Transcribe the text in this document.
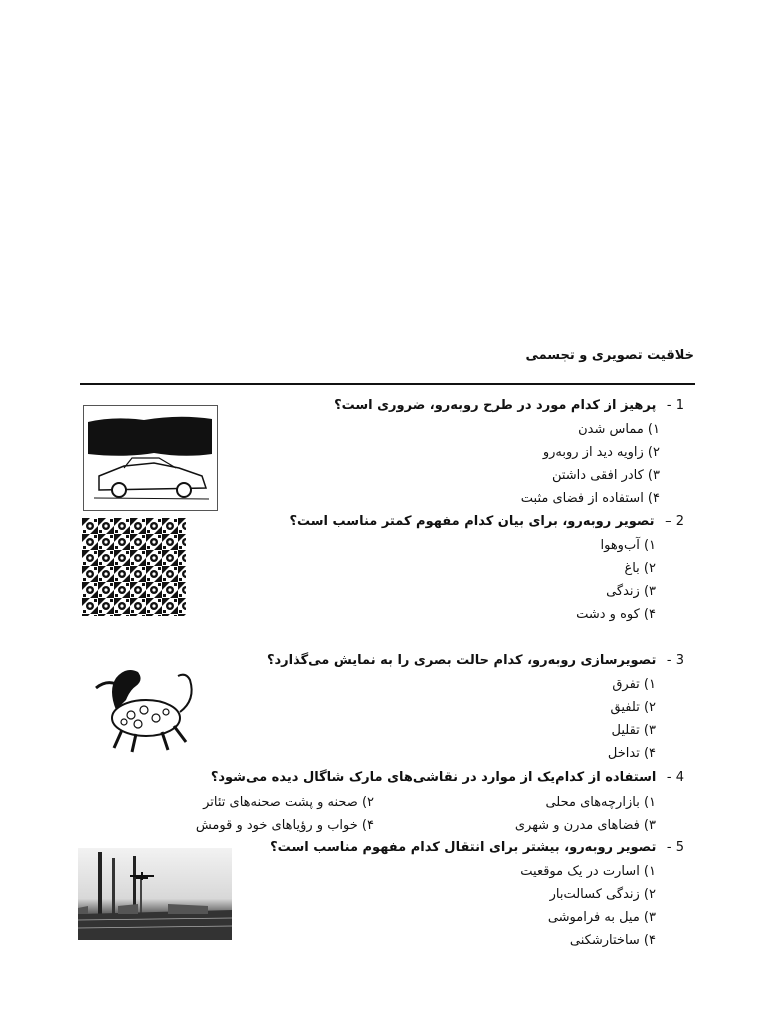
خلاقیت تصویری و تجسمی
1 - پرهیز از کدام مورد در طرح روبه‌رو، ضروری است؟
۱) مماس شدن
۲) زاویه دید از روبه‌رو
۳) کادر افقی داشتن
۴) استفاده از فضای مثبت
2 – تصویر روبه‌رو، برای بیان کدام مفهوم کمتر مناسب است؟
۱) آب‌وهوا
۲) باغ
۳) زندگی
۴) کوه و دشت
3 - تصویرسازی روبه‌رو، کدام حالت بصری را به نمایش می‌گذارد؟
۱) تفرق
۲) تلفیق
۳) تقلیل
۴) تداخل
4 - استفاده از کدام‌یک از موارد در نقاشی‌های مارک شاگال دیده می‌شود؟
۱) بازارچه‌های محلی
۲) صحنه و پشت صحنه‌های تئاتر
۳) فضاهای مدرن و شهری
۴) خواب و رؤیاهای خود و قومش
5 - تصویر روبه‌رو، بیشتر برای انتقال کدام مفهوم مناسب است؟
۱) اسارت در یک موقعیت
۲) زندگی کسالت‌بار
۳) میل به فراموشی
۴) ساختارشکنی
